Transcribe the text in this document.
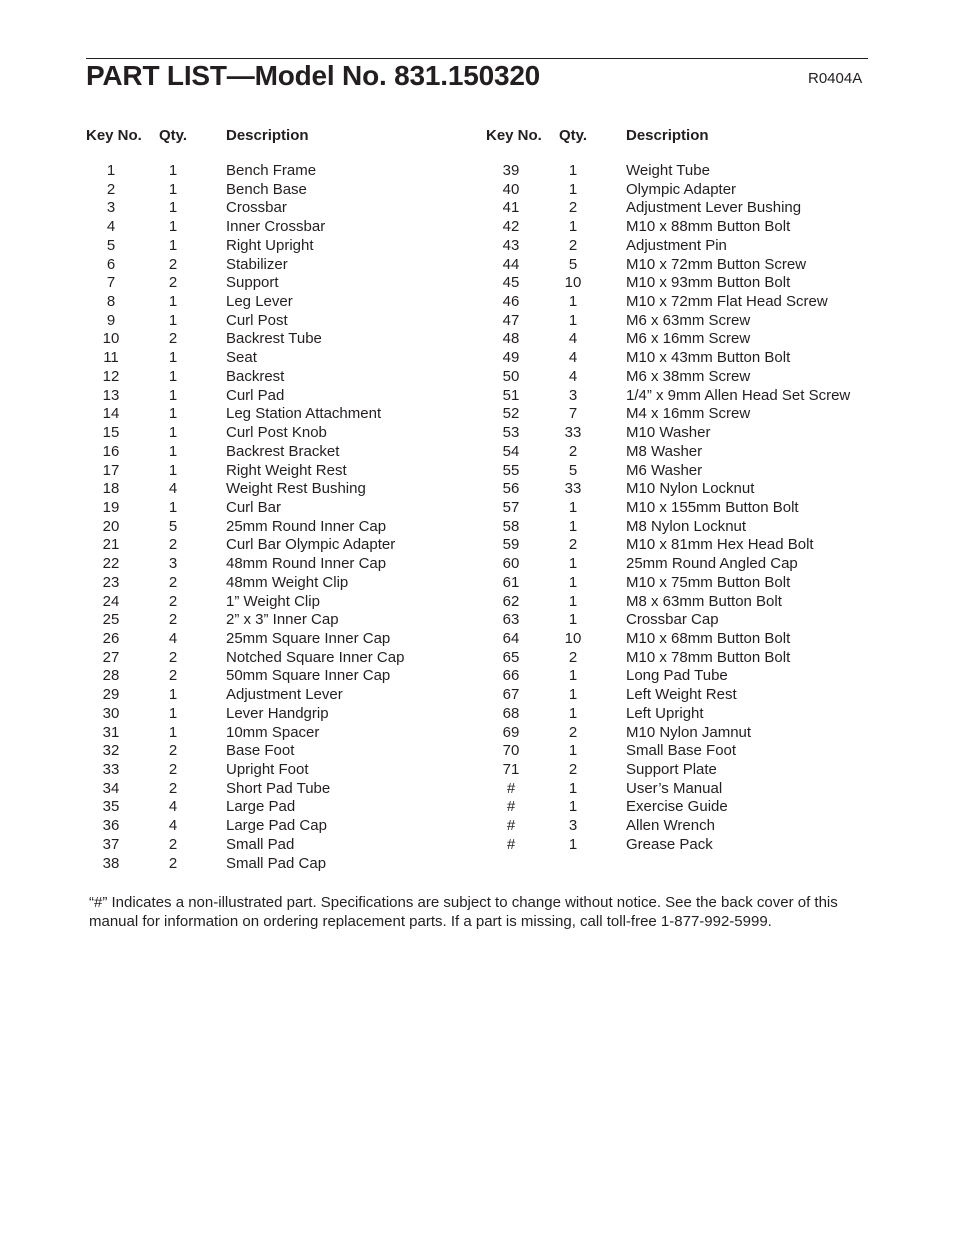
PART LIST—Model No. 831.150320	R0404A
Key No. Qty.	Description
1	1	Bench Frame
2	1	Bench Base
3	1	Crossbar
4	1	Inner Crossbar
5	1	Right Upright
6	2	Stabilizer
7	2	Support
8	1	Leg Lever
9	1	Curl Post
10	2	Backrest Tube
11	1	Seat
12	1	Backrest
13	1	Curl Pad
14	1	Leg Station Attachment
15	1	Curl Post Knob
16	1	Backrest Bracket
17	1	Right Weight Rest
18	4	Weight Rest Bushing
19	1	Curl Bar
20	5	25mm Round Inner Cap
21	2	Curl Bar Olympic Adapter
22	3	48mm Round Inner Cap
23	2	48mm Weight Clip
24	2	1” Weight Clip
25	2	2” x 3” Inner Cap
26	4	25mm Square Inner Cap
27	2	Notched Square Inner Cap
28	2	50mm Square Inner Cap
29	1	Adjustment Lever
30	1	Lever Handgrip
31	1	10mm Spacer
32	2	Base Foot
33	2	Upright Foot
34	2	Short Pad Tube
35	4	Large Pad
36	4	Large Pad Cap
37	2	Small Pad
38	2	Small Pad Cap
Key No. Qty.	Description
39	1	Weight Tube
40	1	Olympic Adapter
41	2	Adjustment Lever Bushing
42	1	M10 x 88mm Button Bolt
43	2	Adjustment Pin
44	5	M10 x 72mm Button Screw
45	10	M10 x 93mm Button Bolt
46	1	M10 x 72mm Flat Head Screw
47	1	M6 x 63mm Screw
48	4	M6 x 16mm Screw
49	4	M10 x 43mm Button Bolt
50	4	M6 x 38mm Screw
51	3	1/4” x 9mm Allen Head Set Screw
52	7	M4 x 16mm Screw
53	33	M10 Washer
54	2	M8 Washer
55	5	M6 Washer
56	33	M10 Nylon Locknut
57	1	M10 x 155mm Button Bolt
58	1	M8 Nylon Locknut
59	2	M10 x 81mm Hex Head Bolt
60	1	25mm Round Angled Cap
61	1	M10 x 75mm Button Bolt
62	1	M8 x 63mm Button Bolt
63	1	Crossbar Cap
64	10	M10 x 68mm Button Bolt
65	2	M10 x 78mm Button Bolt
66	1	Long Pad Tube
67	1	Left Weight Rest
68	1	Left Upright
69	2	M10 Nylon Jamnut
70	1	Small Base Foot
71	2	Support Plate
#	1	User’s Manual
#	1	Exercise Guide
#	3	Allen Wrench
#	1	Grease Pack
“#” Indicates a non-illustrated part. Specifications are subject to change without notice. See the back cover of this manual for information on ordering replacement parts. If a part is missing, call toll-free 1-877-992-5999.
